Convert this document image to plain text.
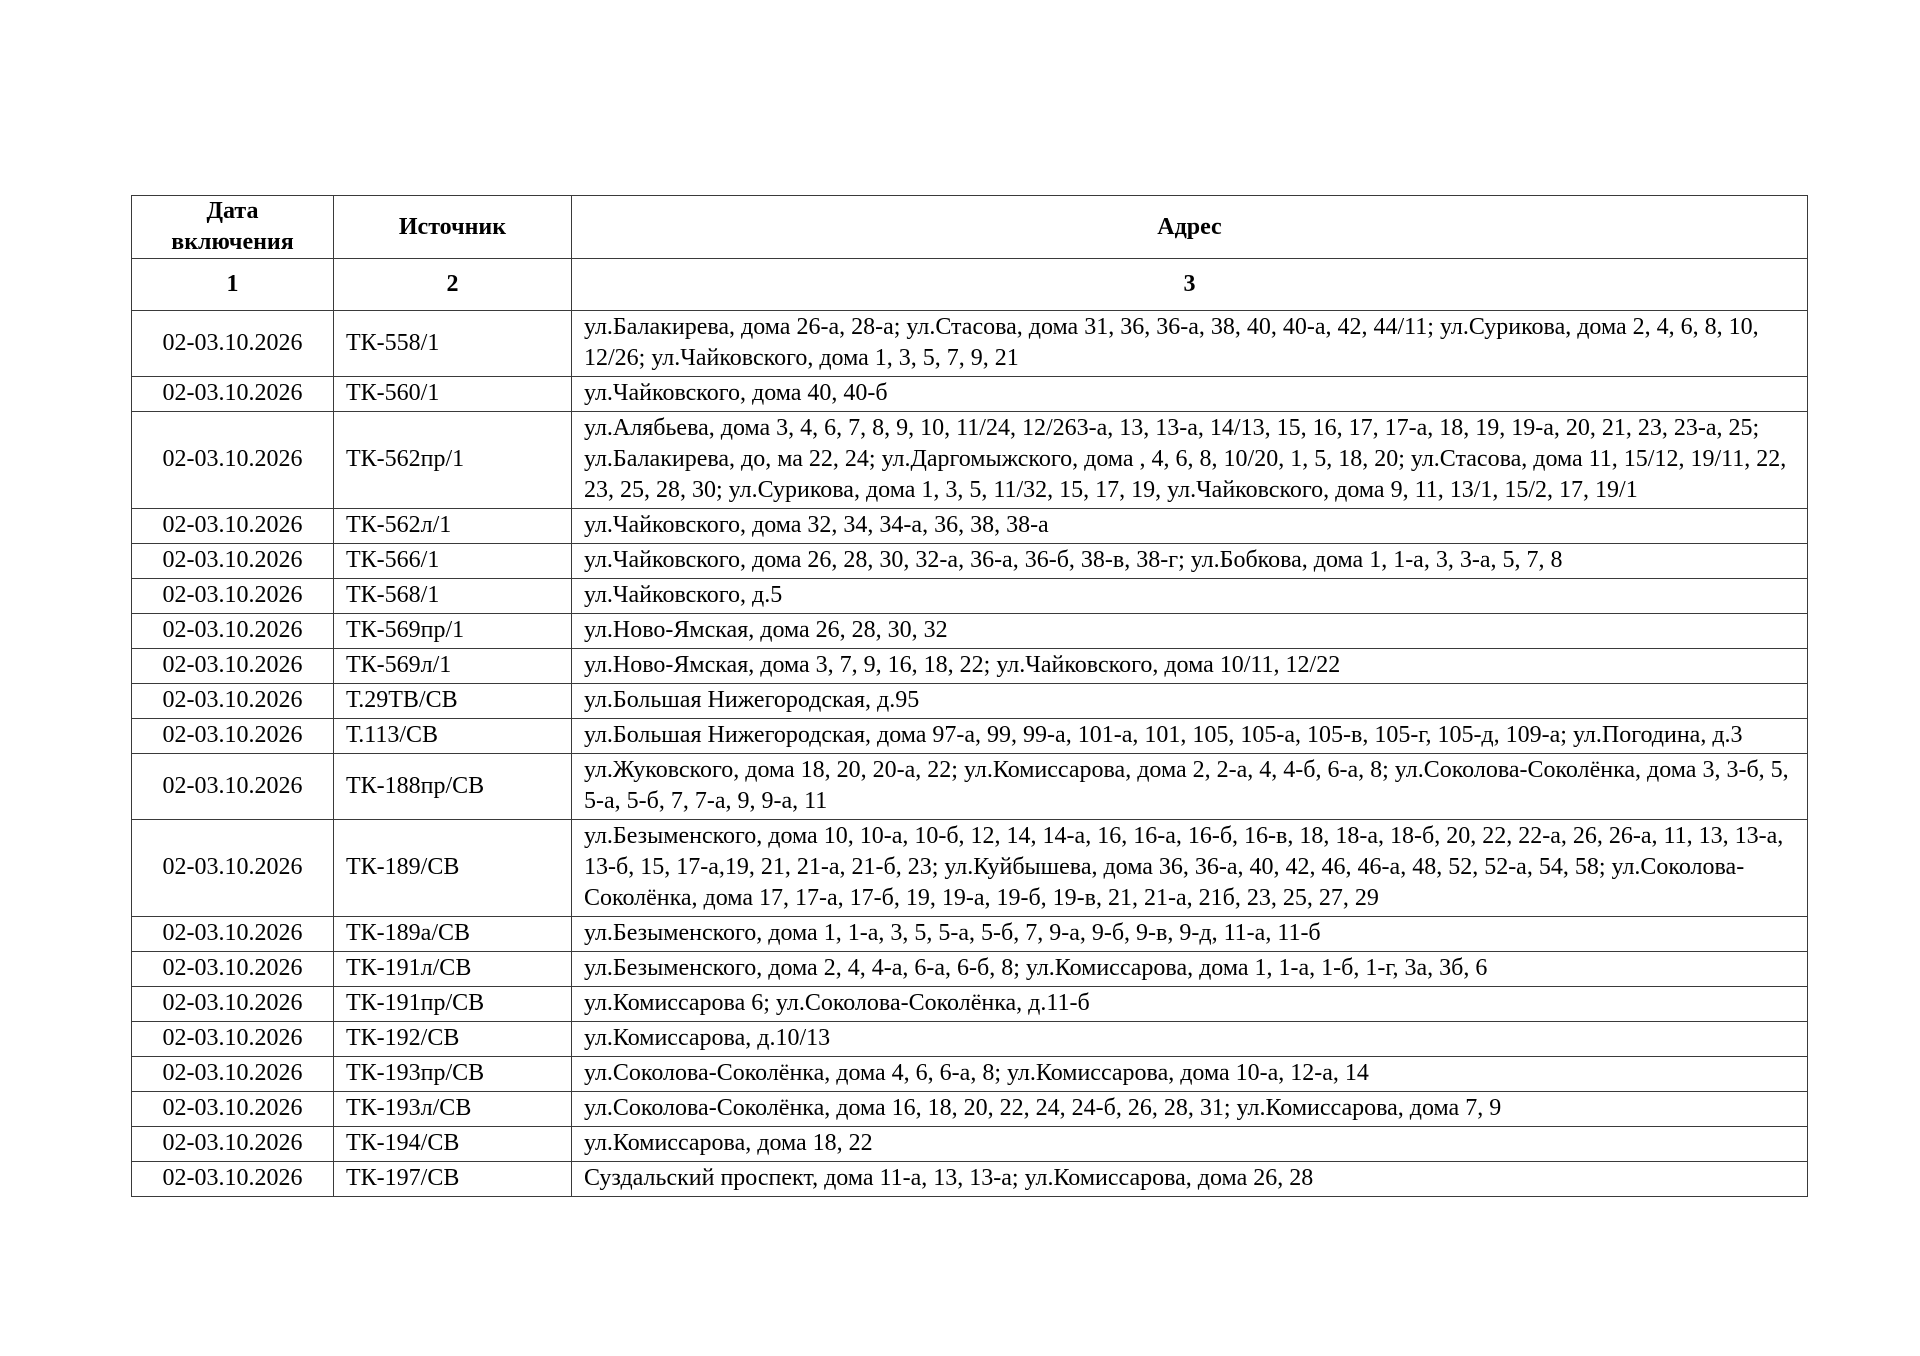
Дата включения	Источник	Адрес
1	2	3
02-03.10.2026	ТК-558/1	ул.Балакирева, дома 26-а, 28-а; ул.Стасова, дома 31, 36, 36-а, 38, 40, 40-а, 42, 44/11; ул.Сурикова, дома 2, 4, 6, 8, 10, 12/26; ул.Чайковского, дома 1, 3, 5, 7, 9, 21
02-03.10.2026	ТК-560/1	ул.Чайковского, дома 40, 40-б
02-03.10.2026	ТК-562пр/1	ул.Алябьева, дома 3, 4, 6, 7, 8, 9, 10, 11/24, 12/263-а, 13, 13-а, 14/13, 15, 16, 17, 17-а, 18, 19, 19-а, 20, 21, 23, 23-а, 25; ул.Балакирева, до, ма 22, 24; ул.Даргомыжского, дома , 4, 6, 8, 10/20, 1, 5, 18, 20; ул.Стасова, дома 11, 15/12, 19/11, 22, 23, 25, 28, 30; ул.Сурикова, дома 1, 3, 5, 11/32, 15, 17, 19, ул.Чайковского, дома 9, 11, 13/1, 15/2, 17, 19/1
02-03.10.2026	ТК-562л/1	ул.Чайковского, дома 32, 34, 34-а, 36, 38, 38-а
02-03.10.2026	ТК-566/1	ул.Чайковского, дома 26, 28, 30, 32-а, 36-а, 36-б, 38-в, 38-г; ул.Бобкова, дома 1, 1-а, 3, 3-а, 5, 7, 8
02-03.10.2026	ТК-568/1	ул.Чайковского, д.5
02-03.10.2026	ТК-569пр/1	ул.Ново-Ямская, дома 26, 28, 30, 32
02-03.10.2026	ТК-569л/1	ул.Ново-Ямская, дома 3, 7, 9, 16, 18, 22; ул.Чайковского, дома 10/11, 12/22
02-03.10.2026	Т.29ТВ/СВ	ул.Большая Нижегородская, д.95
02-03.10.2026	Т.113/СВ	ул.Большая Нижегородская, дома 97-а, 99, 99-а, 101-а, 101, 105, 105-а, 105-в, 105-г, 105-д, 109-а; ул.Погодина, д.3
02-03.10.2026	ТК-188пр/СВ	ул.Жуковского, дома 18, 20, 20-а, 22; ул.Комиссарова, дома 2, 2-а, 4, 4-б, 6-а, 8; ул.Соколова-Соколёнка, дома 3, 3-б, 5, 5-а, 5-б, 7, 7-а, 9, 9-а, 11
02-03.10.2026	ТК-189/СВ	ул.Безыменского, дома 10, 10-а, 10-б, 12, 14, 14-а, 16, 16-а, 16-б, 16-в, 18, 18-а, 18-б, 20, 22, 22-а, 26, 26-а, 11, 13, 13-а, 13-б, 15, 17-а,19, 21, 21-а, 21-б, 23; ул.Куйбышева, дома 36, 36-а, 40, 42, 46, 46-а, 48, 52, 52-а, 54, 58; ул.Соколова-Соколёнка, дома 17, 17-а, 17-б, 19, 19-а, 19-б, 19-в, 21, 21-а, 21б, 23, 25, 27, 29
02-03.10.2026	ТК-189а/СВ	ул.Безыменского, дома 1, 1-а, 3, 5, 5-а, 5-б, 7, 9-а, 9-б, 9-в, 9-д, 11-а, 11-б
02-03.10.2026	ТК-191л/СВ	ул.Безыменского, дома 2, 4, 4-а, 6-а, 6-б, 8; ул.Комиссарова, дома 1, 1-а, 1-б, 1-г, 3а, 3б, 6
02-03.10.2026	ТК-191пр/СВ	ул.Комиссарова 6; ул.Соколова-Соколёнка, д.11-б
02-03.10.2026	ТК-192/СВ	ул.Комиссарова, д.10/13
02-03.10.2026	ТК-193пр/СВ	ул.Соколова-Соколёнка, дома 4, 6, 6-а, 8; ул.Комиссарова, дома 10-а, 12-а, 14
02-03.10.2026	ТК-193л/СВ	ул.Соколова-Соколёнка, дома 16, 18, 20, 22, 24, 24-б, 26, 28, 31; ул.Комиссарова, дома 7, 9
02-03.10.2026	ТК-194/СВ	ул.Комиссарова, дома 18, 22
02-03.10.2026	ТК-197/СВ	Суздальский проспект, дома 11-а, 13, 13-а; ул.Комиссарова, дома 26, 28
